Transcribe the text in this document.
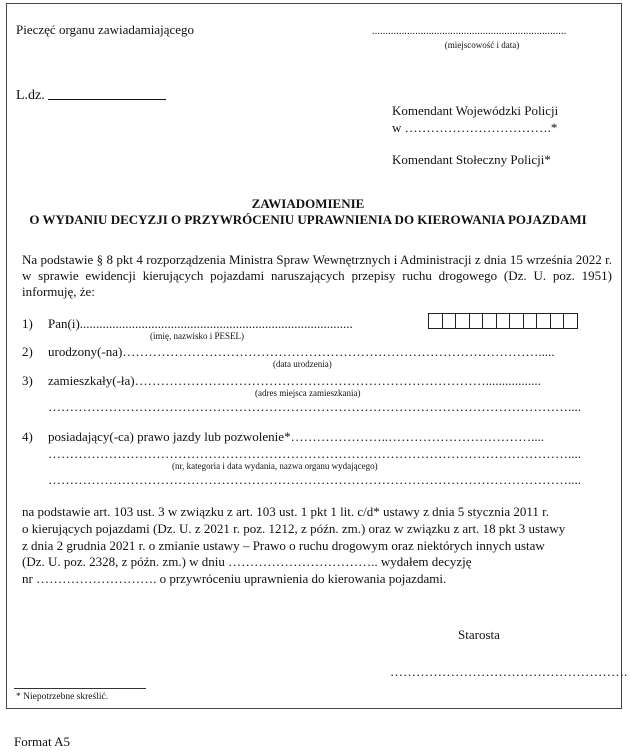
Pieczęć organu zawiadamiającego	........................................................................
(miejscowość i data)
L.dz.
Komendant Wojewódzki Policji
w …………………………….*
Komendant Stołeczny Policji*
ZAWIADOMIENIE
O WYDANIU DECYZJI O PRZYWRÓCENIU UPRAWNIENIA DO KIEROWANIA POJAZDAMI
Na podstawie § 8 pkt 4 rozporządzenia Ministra Spraw Wewnętrznych i Administracji z dnia 15 września 2022 r. w sprawie ewidencji kierujących pojazdami naruszających przepisy ruchu drogowego (Dz. U. poz. 1951) informuję, że:
1) Pan(i)....................................................................................
(imię, nazwisko i PESEL)
2) urodzony(-na)…………………………………………………………………………………….....
(data urodzenia)
3) zamieszkały(-ła)……………………………………………………………………….................
(adres miejsca zamieszkania)
…………………………………………………………………………………………………………....
4) posiadający(-ca) prawo jazdy lub pozwolenie*…………………..……………………………....
…………………………………………………………………………………………………………....
(nr, kategoria i data wydania, nazwa organu wydającego)
…………………………………………………………………………………………………………....
na podstawie art. 103 ust. 3 w związku z art. 103 ust. 1 pkt 1 lit. c/d* ustawy z dnia 5 stycznia 2011 r.
o kierujących pojazdami (Dz. U. z 2021 r. poz. 1212, z późn. zm.) oraz w związku z art. 18 pkt 3 ustawy
z dnia 2 grudnia 2021 r. o zmianie ustawy – Prawo o ruchu drogowym oraz niektórych innych ustaw
(Dz. U. poz. 2328, z późn. zm.) w dniu …………………………….. wydałem decyzję
nr ………………………. o przywróceniu uprawnienia do kierowania pojazdami.
Starosta
……………………………………………….
* Niepotrzebne skreślić.
Format A5
